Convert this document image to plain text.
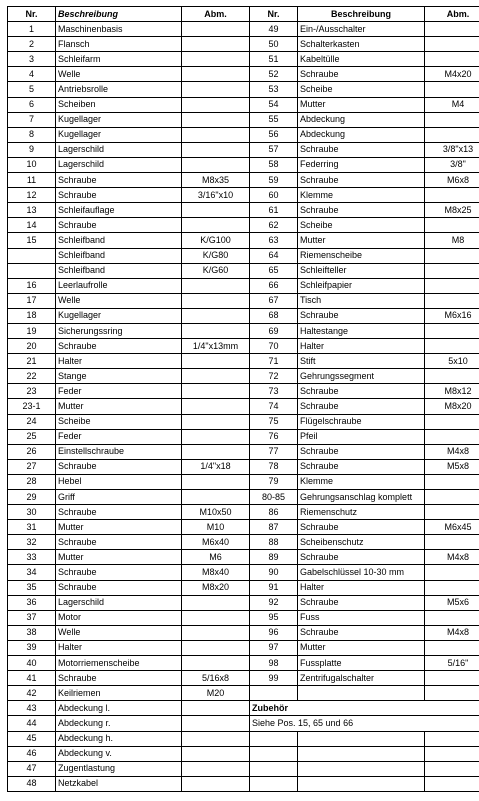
Nr.	Beschreibung	Abm.	Nr.	Beschreibung	Abm.
1	Maschinenbasis		49	Ein-/Ausschalter	
2	Flansch		50	Schalterkasten	
3	Schleifarm		51	Kabeltülle	
4	Welle		52	Schraube	M4x20
5	Antriebsrolle		53	Scheibe	
6	Scheiben		54	Mutter	M4
7	Kugellager		55	Abdeckung	
8	Kugellager		56	Abdeckung	
9	Lagerschild		57	Schraube	3/8"x13
10	Lagerschild		58	Federring	3/8"
11	Schraube	M8x35	59	Schraube	M6x8
12	Schraube	3/16"x10	60	Klemme	
13	Schleifauflage		61	Schraube	M8x25
14	Schraube		62	Scheibe	
15	Schleifband	K/G100	63	Mutter	M8
	Schleifband	K/G80	64	Riemenscheibe	
	Schleifband	K/G60	65	Schleifteller	
16	Leerlaufrolle		66	Schleifpapier	
17	Welle		67	Tisch	
18	Kugellager		68	Schraube	M6x16
19	Sicherungssring		69	Haltestange	
20	Schraube	1/4"x13mm	70	Halter	
21	Halter		71	Stift	5x10
22	Stange		72	Gehrungssegment	
23	Feder		73	Schraube	M8x12
23-1	Mutter		74	Schraube	M8x20
24	Scheibe		75	Flügelschraube	
25	Feder		76	Pfeil	
26	Einstellschraube		77	Schraube	M4x8
27	Schraube	1/4"x18	78	Schraube	M5x8
28	Hebel		79	Klemme	
29	Griff		80-85	Gehrungsanschlag komplett	
30	Schraube	M10x50	86	Riemenschutz	
31	Mutter	M10	87	Schraube	M6x45
32	Schraube	M6x40	88	Scheibenschutz	
33	Mutter	M6	89	Schraube	M4x8
34	Schraube	M8x40	90	Gabelschlüssel 10-30 mm	
35	Schraube	M8x20	91	Halter	
36	Lagerschild		92	Schraube	M5x6
37	Motor		95	Fuss	
38	Welle		96	Schraube	M4x8
39	Halter		97	Mutter	
40	Motorriemenscheibe		98	Fussplatte	5/16"
41	Schraube	5/16x8	99	Zentrifugalschalter	
42	Keilriemen	M20			
43	Abdeckung l.		Zubehör		
44	Abdeckung r.		Siehe Pos. 15, 65 und 66		
45	Abdeckung h.				
46	Abdeckung v.				
47	Zugentlastung				
48	Netzkabel				
